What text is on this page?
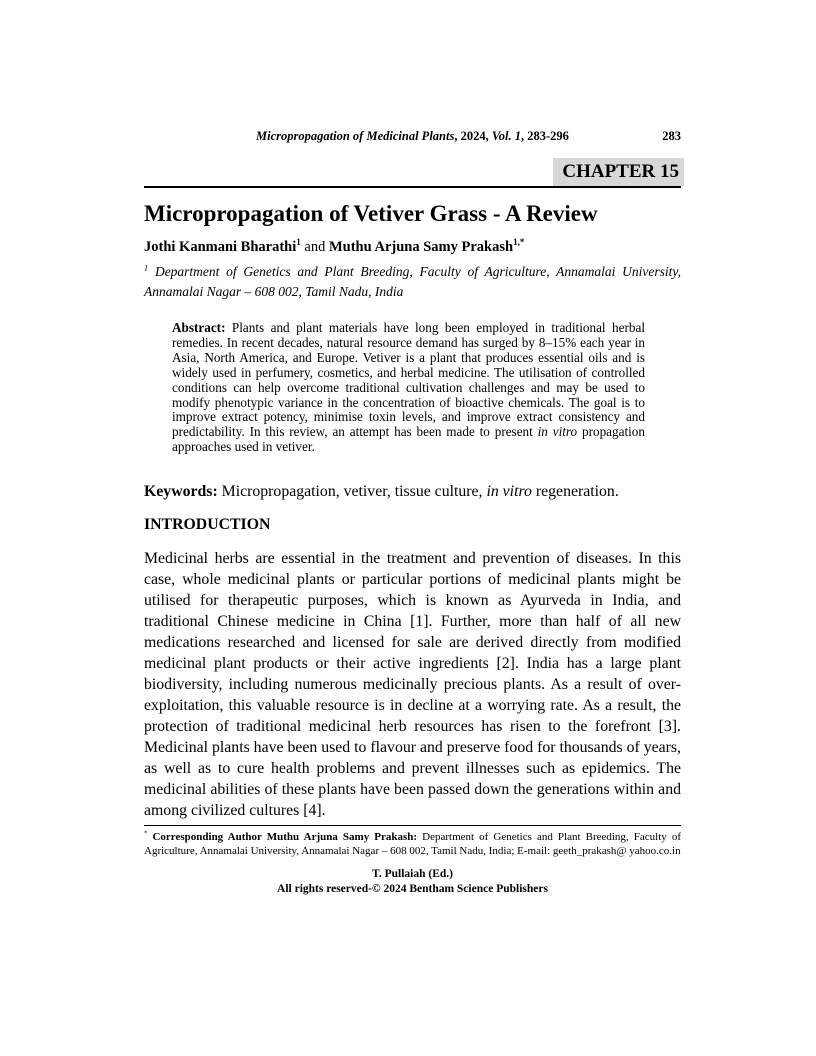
Micropropagation of Medicinal Plants, 2024, Vol. 1, 283-296	283
CHAPTER 15
Micropropagation of Vetiver Grass - A Review
Jothi Kanmani Bharathi$^1$ and Muthu Arjuna Samy Prakash$^{1,*}$
$^1$ Department of Genetics and Plant Breeding, Faculty of Agriculture, Annamalai University, Annamalai Nagar – 608 002, Tamil Nadu, India
Abstract: Plants and plant materials have long been employed in traditional herbal remedies. In recent decades, natural resource demand has surged by 8–15% each year in Asia, North America, and Europe. Vetiver is a plant that produces essential oils and is widely used in perfumery, cosmetics, and herbal medicine. The utilisation of controlled conditions can help overcome traditional cultivation challenges and may be used to modify phenotypic variance in the concentration of bioactive chemicals. The goal is to improve extract potency, minimise toxin levels, and improve extract consistency and predictability. In this review, an attempt has been made to present in vitro propagation approaches used in vetiver.
Keywords: Micropropagation, vetiver, tissue culture, in vitro regeneration.
INTRODUCTION

Medicinal herbs are essential in the treatment and prevention of diseases. In this case, whole medicinal plants or particular portions of medicinal plants might be utilised for therapeutic purposes, which is known as Ayurveda in India, and traditional Chinese medicine in China [1]. Further, more than half of all new medications researched and licensed for sale are derived directly from modified medicinal plant products or their active ingredients [2]. India has a large plant biodiversity, including numerous medicinally precious plants. As a result of over-exploitation, this valuable resource is in decline at a worrying rate. As a result, the protection of traditional medicinal herb resources has risen to the forefront [3]. Medicinal plants have been used to flavour and preserve food for thousands of years, as well as to cure health problems and prevent illnesses such as epidemics. The medicinal abilities of these plants have been passed down the generations within and among civilized cultures [4].

* Corresponding Author Muthu Arjuna Samy Prakash: Department of Genetics and Plant Breeding, Faculty of Agriculture, Annamalai University, Annamalai Nagar – 608 002, Tamil Nadu, India; E-mail: geeth_prakash@ yahoo.co.in
T. Pullaiah (Ed.)
All rights reserved-© 2024 Bentham Science Publishers
